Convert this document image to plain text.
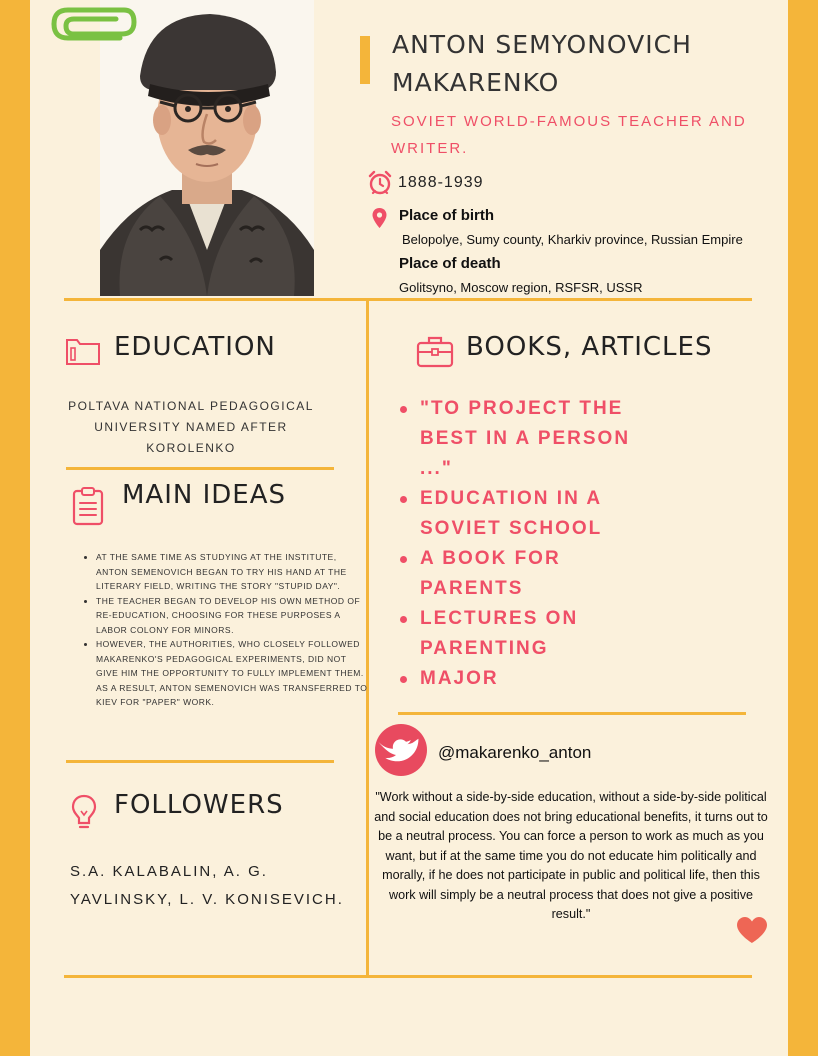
ANTON SEMYONOVICH MAKARENKO
SOVIET WORLD-FAMOUS TEACHER AND WRITER.
1888-1939
Place of birth
Belopolye, Sumy county, Kharkiv province, Russian Empire
Place of death
Golitsyno, Moscow region, RSFSR, USSR
EDUCATION
POLTAVA NATIONAL PEDAGOGICAL UNIVERSITY NAMED AFTER KOROLENKO
MAIN IDEAS
• AT THE SAME TIME AS STUDYING AT THE INSTITUTE, ANTON SEMENOVICH BEGAN TO TRY HIS HAND AT THE LITERARY FIELD, WRITING THE STORY "STUPID DAY".
• THE TEACHER BEGAN TO DEVELOP HIS OWN METHOD OF RE-EDUCATION, CHOOSING FOR THESE PURPOSES A LABOR COLONY FOR MINORS.
• HOWEVER, THE AUTHORITIES, WHO CLOSELY FOLLOWED MAKARENKO'S PEDAGOGICAL EXPERIMENTS, DID NOT GIVE HIM THE OPPORTUNITY TO FULLY IMPLEMENT THEM. AS A RESULT, ANTON SEMENOVICH WAS TRANSFERRED TO KIEV FOR "PAPER" WORK.
FOLLOWERS
S.A. KALABALIN, A. G. YAVLINSKY, L. V. KONISEVICH.
BOOKS, ARTICLES
"TO PROJECT THE BEST IN A PERSON ..."
EDUCATION IN A SOVIET SCHOOL
A BOOK FOR PARENTS
LECTURES ON PARENTING
MAJOR
@makarenko_anton
"Work without a side-by-side education, without a side-by-side political and social education does not bring educational benefits, it turns out to be a neutral process. You can force a person to work as much as you want, but if at the same time you do not educate him politically and morally, if he does not participate in public and political life, then this work will simply be a neutral process that does not give a positive result."
